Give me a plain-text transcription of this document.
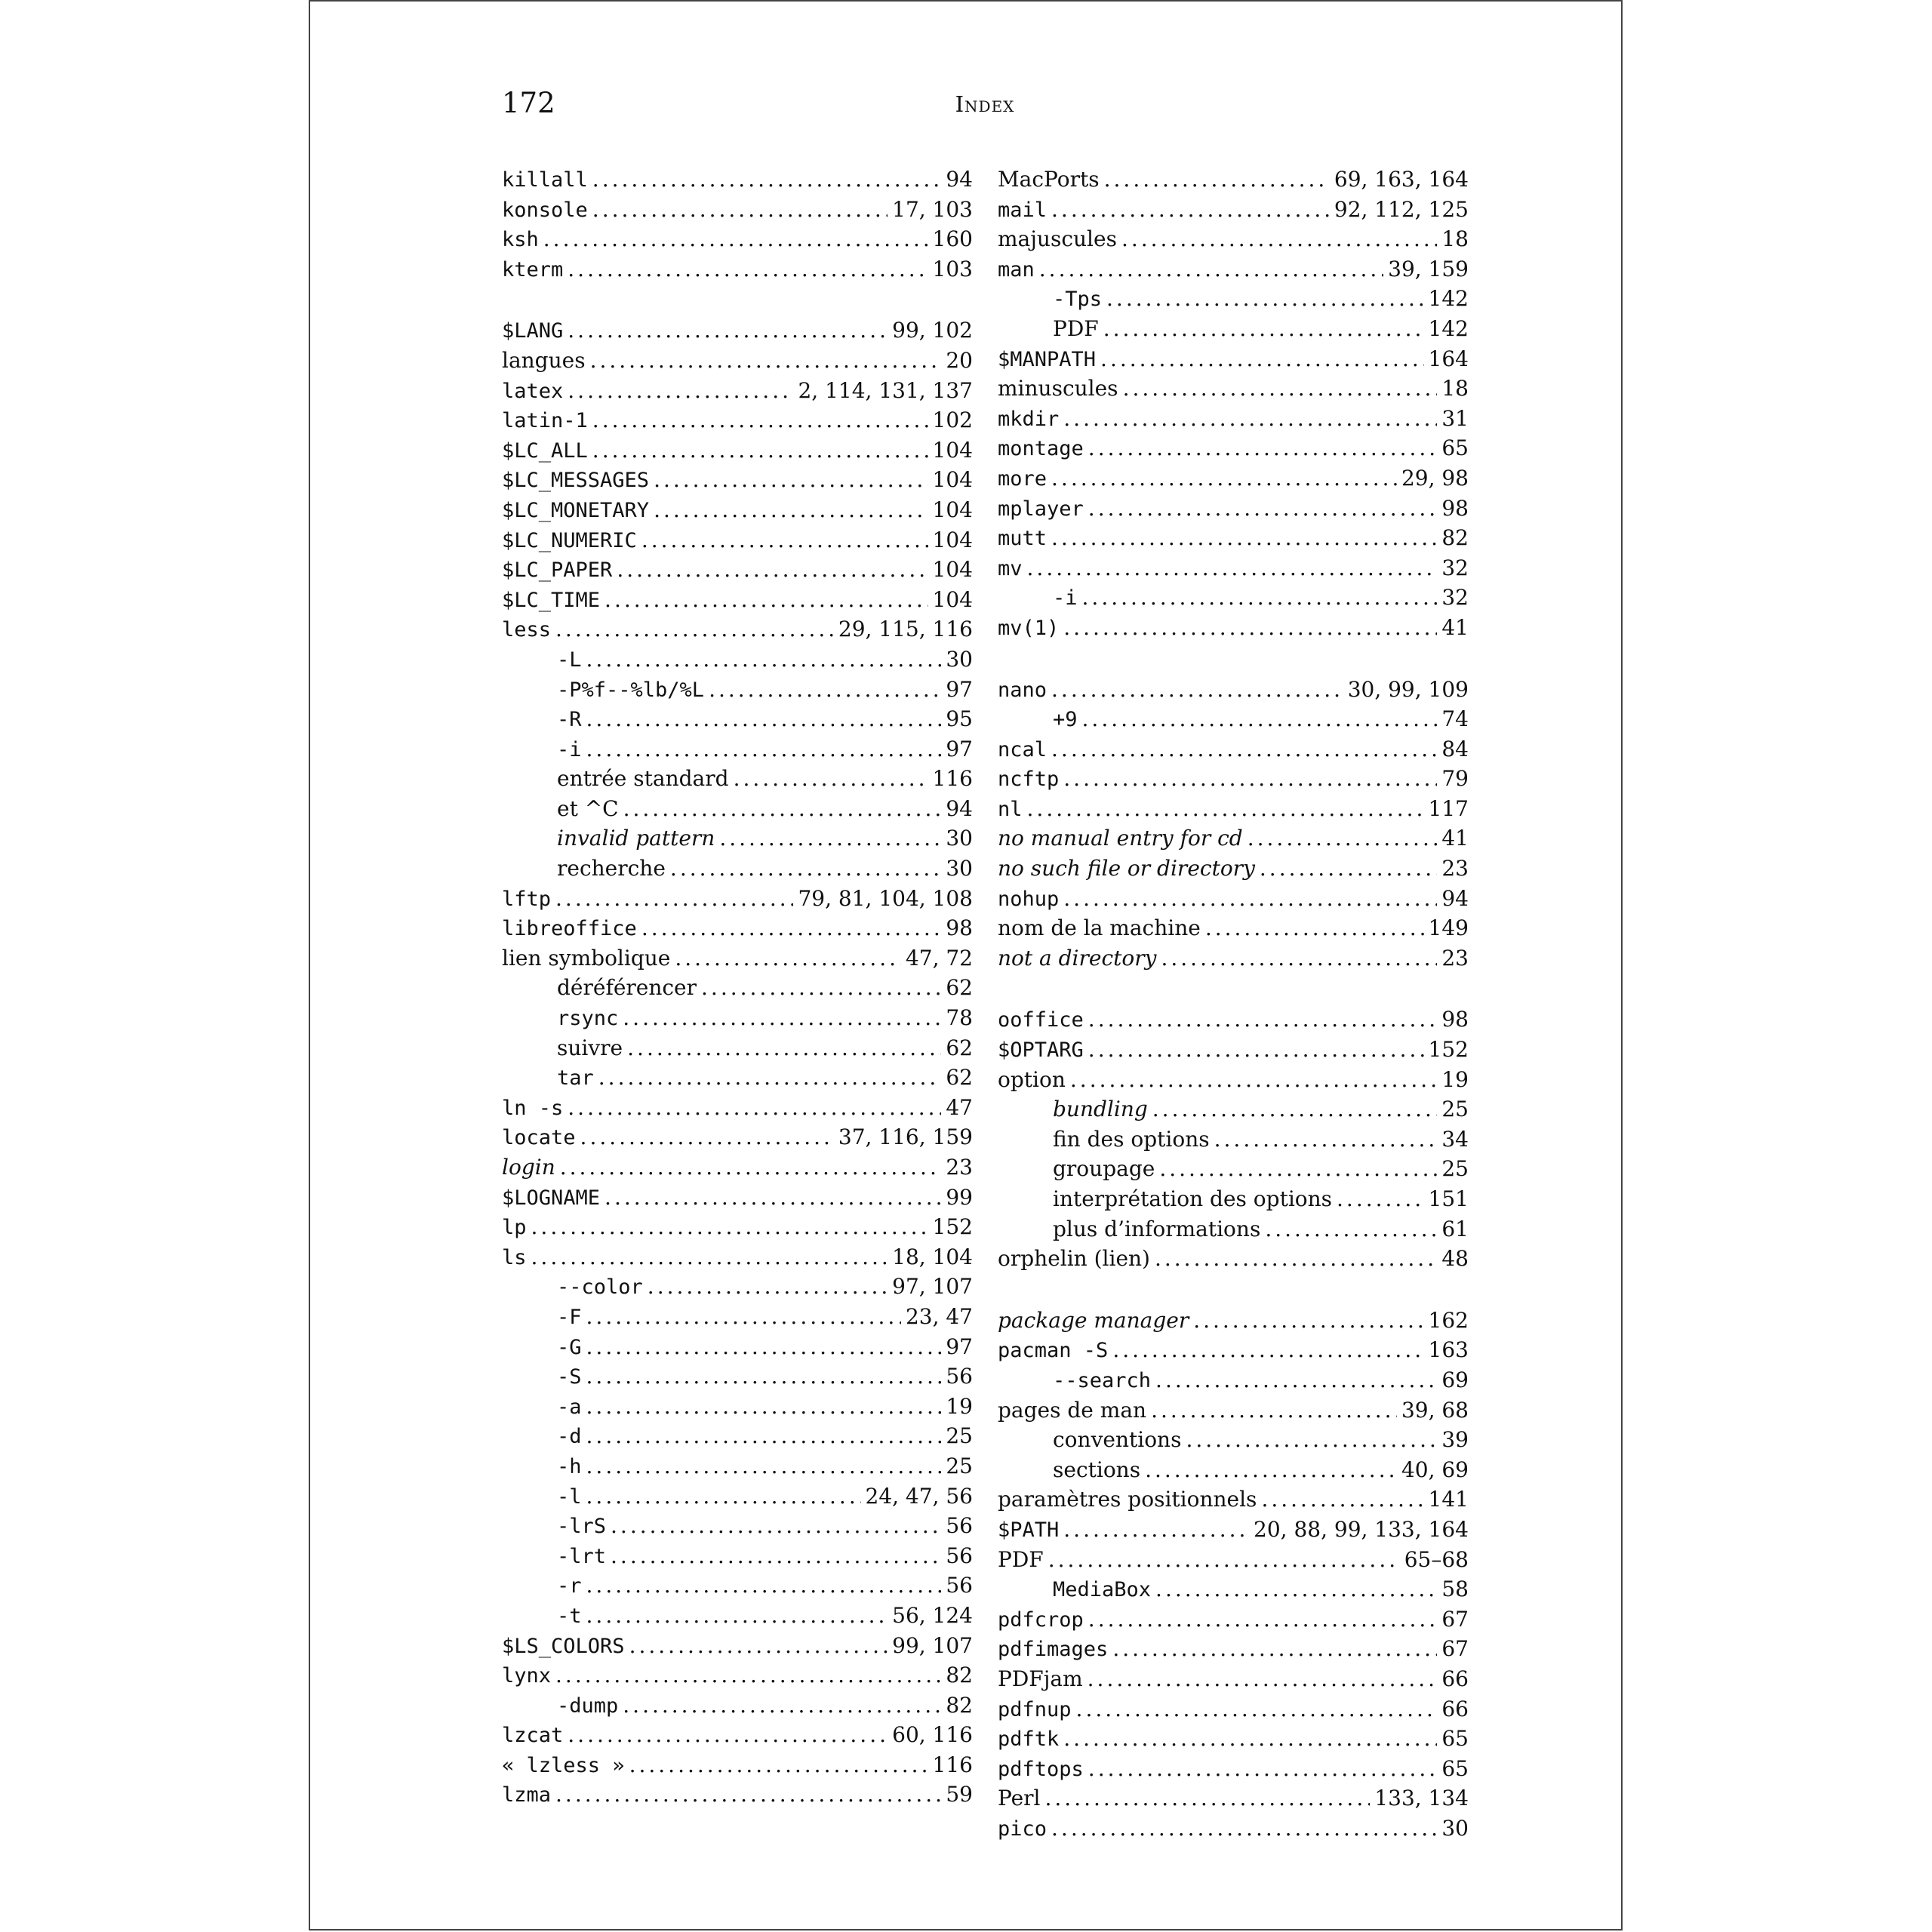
172	Index
killall .....	94
konsole .....	17, 103
ksh .....	160
kterm .....	103
$LANG .....	99, 102
langues .....	20
latex .....	2, 114, 131, 137
latin-1 .....	102
$LC_ALL .....	104
$LC_MESSAGES .....	104
$LC_MONETARY .....	104
$LC_NUMERIC .....	104
$LC_PAPER .....	104
$LC_TIME .....	104
less .....	29, 115, 116
-L .....	30
-P%f--%lb/%L .....	97
-R .....	95
-i .....	97
entrée standard .....	116
et ^C .....	94
invalid pattern .....	30
recherche .....	30
lftp .....	79, 81, 104, 108
libreoffice .....	98
lien symbolique .....	47, 72
déréférencer .....	62
rsync .....	78
suivre .....	62
tar .....	62
ln -s .....	47
locate .....	37, 116, 159
login .....	23
$LOGNAME .....	99
lp .....	152
ls .....	18, 104
--color .....	97, 107
-F .....	23, 47
-G .....	97
-S .....	56
-a .....	19
-d .....	25
-h .....	25
-l .....	24, 47, 56
-lrS .....	56
-lrt .....	56
-r .....	56
-t .....	56, 124
$LS_COLORS .....	99, 107
lynx .....	82
-dump .....	82
lzcat .....	60, 116
« lzless » .....	116
lzma .....	59
MacPorts .....	69, 163, 164
mail .....	92, 112, 125
majuscules .....	18
man .....	39, 159
-Tps .....	142
PDF .....	142
$MANPATH .....	164
minuscules .....	18
mkdir .....	31
montage .....	65
more .....	29, 98
mplayer .....	98
mutt .....	82
mv .....	32
-i .....	32
mv(1) .....	41
nano .....	30, 99, 109
+9 .....	74
ncal .....	84
ncftp .....	79
nl .....	117
no manual entry for cd .....	41
no such file or directory .....	23
nohup .....	94
nom de la machine .....	149
not a directory .....	23
ooffice .....	98
$OPTARG .....	152
option .....	19
bundling .....	25
fin des options .....	34
groupage .....	25
interprétation des options .....	151
plus d’informations .....	61
orphelin (lien) .....	48
package manager .....	162
pacman -S .....	163
--search .....	69
pages de man .....	39, 68
conventions .....	39
sections .....	40, 69
paramètres positionnels .....	141
$PATH .....	20, 88, 99, 133, 164
PDF .....	65–68
MediaBox .....	58
pdfcrop .....	67
pdfimages .....	67
PDFjam .....	66
pdfnup .....	66
pdftk .....	65
pdftops .....	65
Perl .....	133, 134
pico .....	30
